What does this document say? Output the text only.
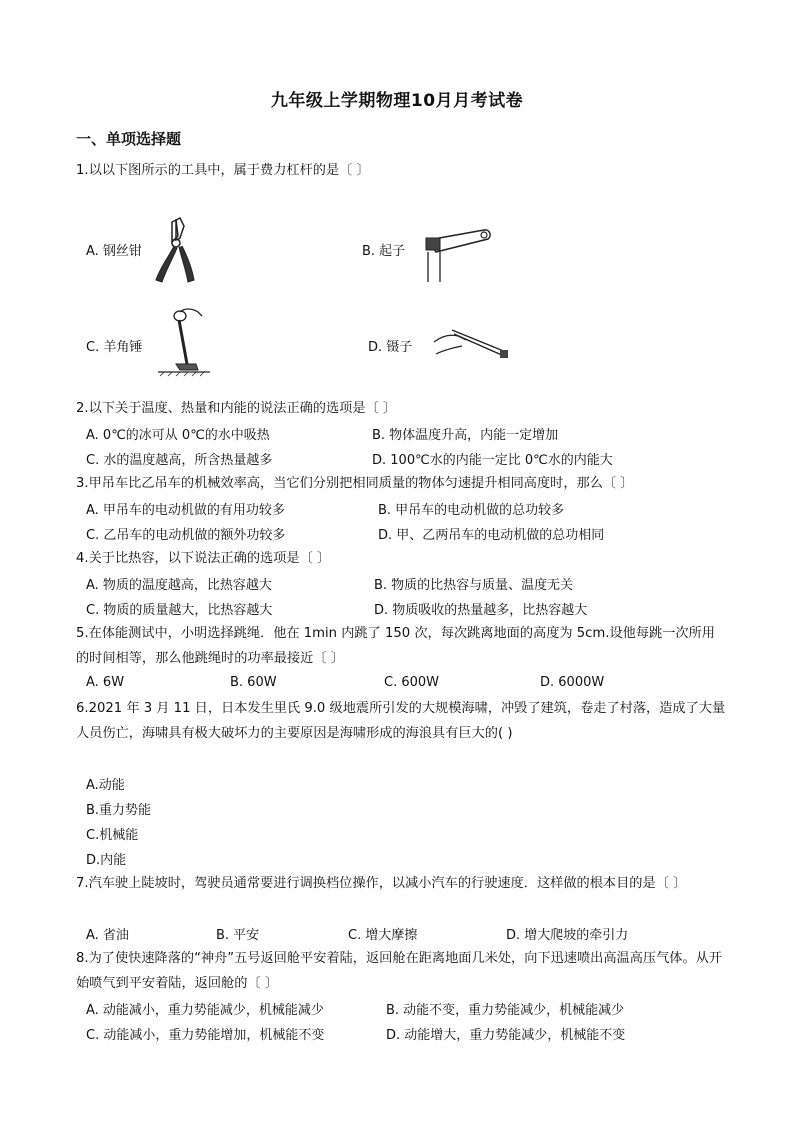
九年级上学期物理10月月考试卷
一、单项选择题
1.以以下图所示的工具中，属于费力杠杆的是〔 〕
A. 钢丝钳	B. 起子
C. 羊角锤	D. 镊子
2.以下关于温度、热量和内能的说法正确的选项是〔 〕
A. 0℃的冰可从 0℃的水中吸热	B. 物体温度升高，内能一定增加
C. 水的温度越高，所含热量越多	D. 100℃水的内能一定比 0℃水的内能大
3.甲吊车比乙吊车的机械效率高，当它们分别把相同质量的物体匀速提升相同高度时，那么〔 〕
A. 甲吊车的电动机做的有用功较多	B. 甲吊车的电动机做的总功较多
C. 乙吊车的电动机做的额外功较多	D. 甲、乙两吊车的电动机做的总功相同
4.关于比热容，以下说法正确的选项是〔 〕
A. 物质的温度越高，比热容越大	B. 物质的比热容与质量、温度无关
C. 物质的质量越大，比热容越大	D. 物质吸收的热量越多，比热容越大
5.在体能测试中，小明选择跳绳．他在 1min 内跳了 150 次，每次跳离地面的高度为 5cm.设他每跳一次所用的时间相等，那么他跳绳时的功率最接近〔 〕
A. 6W	B. 60W	C. 600W	D. 6000W
6.2021 年 3 月 11 日，日本发生里氏 9.0 级地震所引发的大规模海啸，冲毁了建筑，卷走了村落，造成了大量人员伤亡，海啸具有极大破坏力的主要原因是海啸形成的海浪具有巨大的( )
A.动能
B.重力势能
C.机械能
D.内能
7.汽车驶上陡坡时，驾驶员通常要进行调换档位操作，以减小汽车的行驶速度．这样做的根本目的是〔 〕
A. 省油	B. 平安	C. 增大摩擦	D. 增大爬坡的牵引力
8.为了使快速降落的“神舟”五号返回舱平安着陆，返回舱在距离地面几米处，向下迅速喷出高温高压气体。从开始喷气到平安着陆，返回舱的〔 〕
A. 动能减小，重力势能减少，机械能减少	B. 动能不变，重力势能减少，机械能减少
C. 动能减小，重力势能增加，机械能不变	D. 动能增大，重力势能减少，机械能不变
